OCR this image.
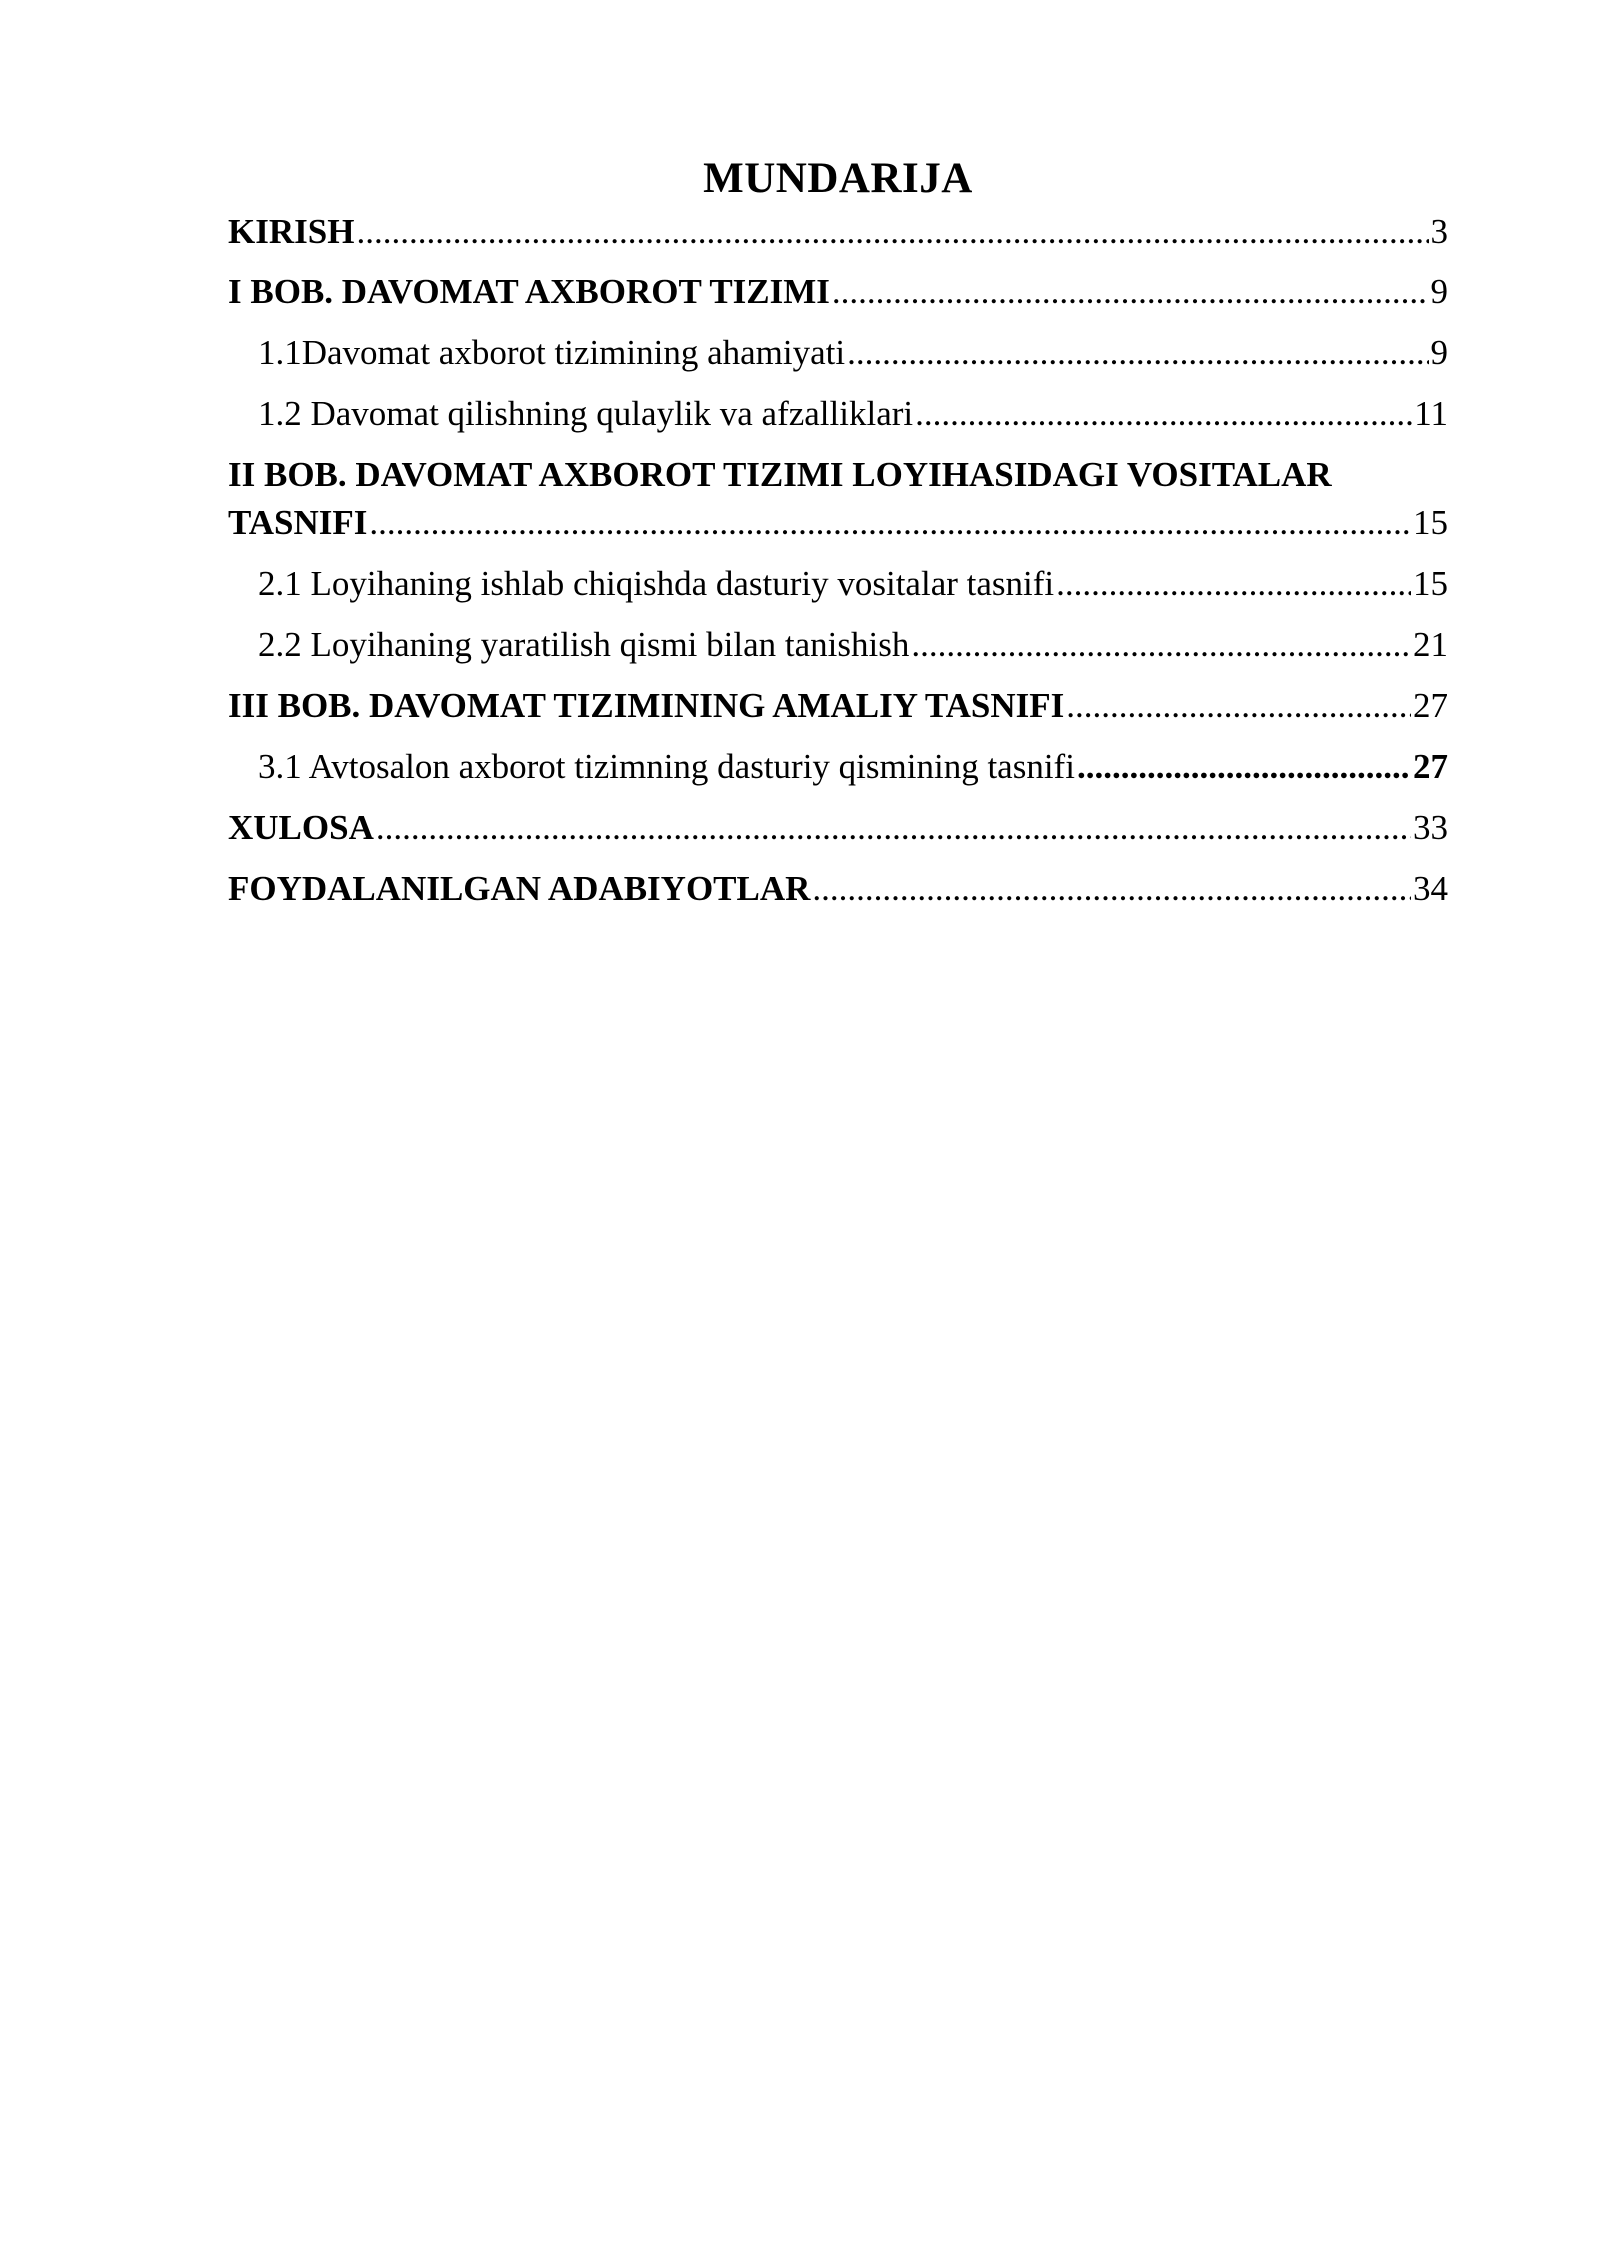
MUNDARIJA
KIRISH .....	3
I BOB. DAVOMAT AXBOROT TIZIMI .....	9
1.1Davomat axborot tizimining ahamiyati .....	9
1.2 Davomat qilishning qulaylik va afzalliklari .....	11
II BOB. DAVOMAT AXBOROT TIZIMI LOYIHASIDAGI VOSITALAR
TASNIFI .....	15
2.1 Loyihaning ishlab chiqishda dasturiy vositalar tasnifi .....	15
2.2 Loyihaning yaratilish qismi bilan tanishish .....	21
III BOB. DAVOMAT TIZIMINING AMALIY TASNIFI .....	27
3.1 Avtosalon axborot tizimning dasturiy qismining tasnifi .....	27
XULOSA .....	33
FOYDALANILGAN ADABIYOTLAR .....	34
